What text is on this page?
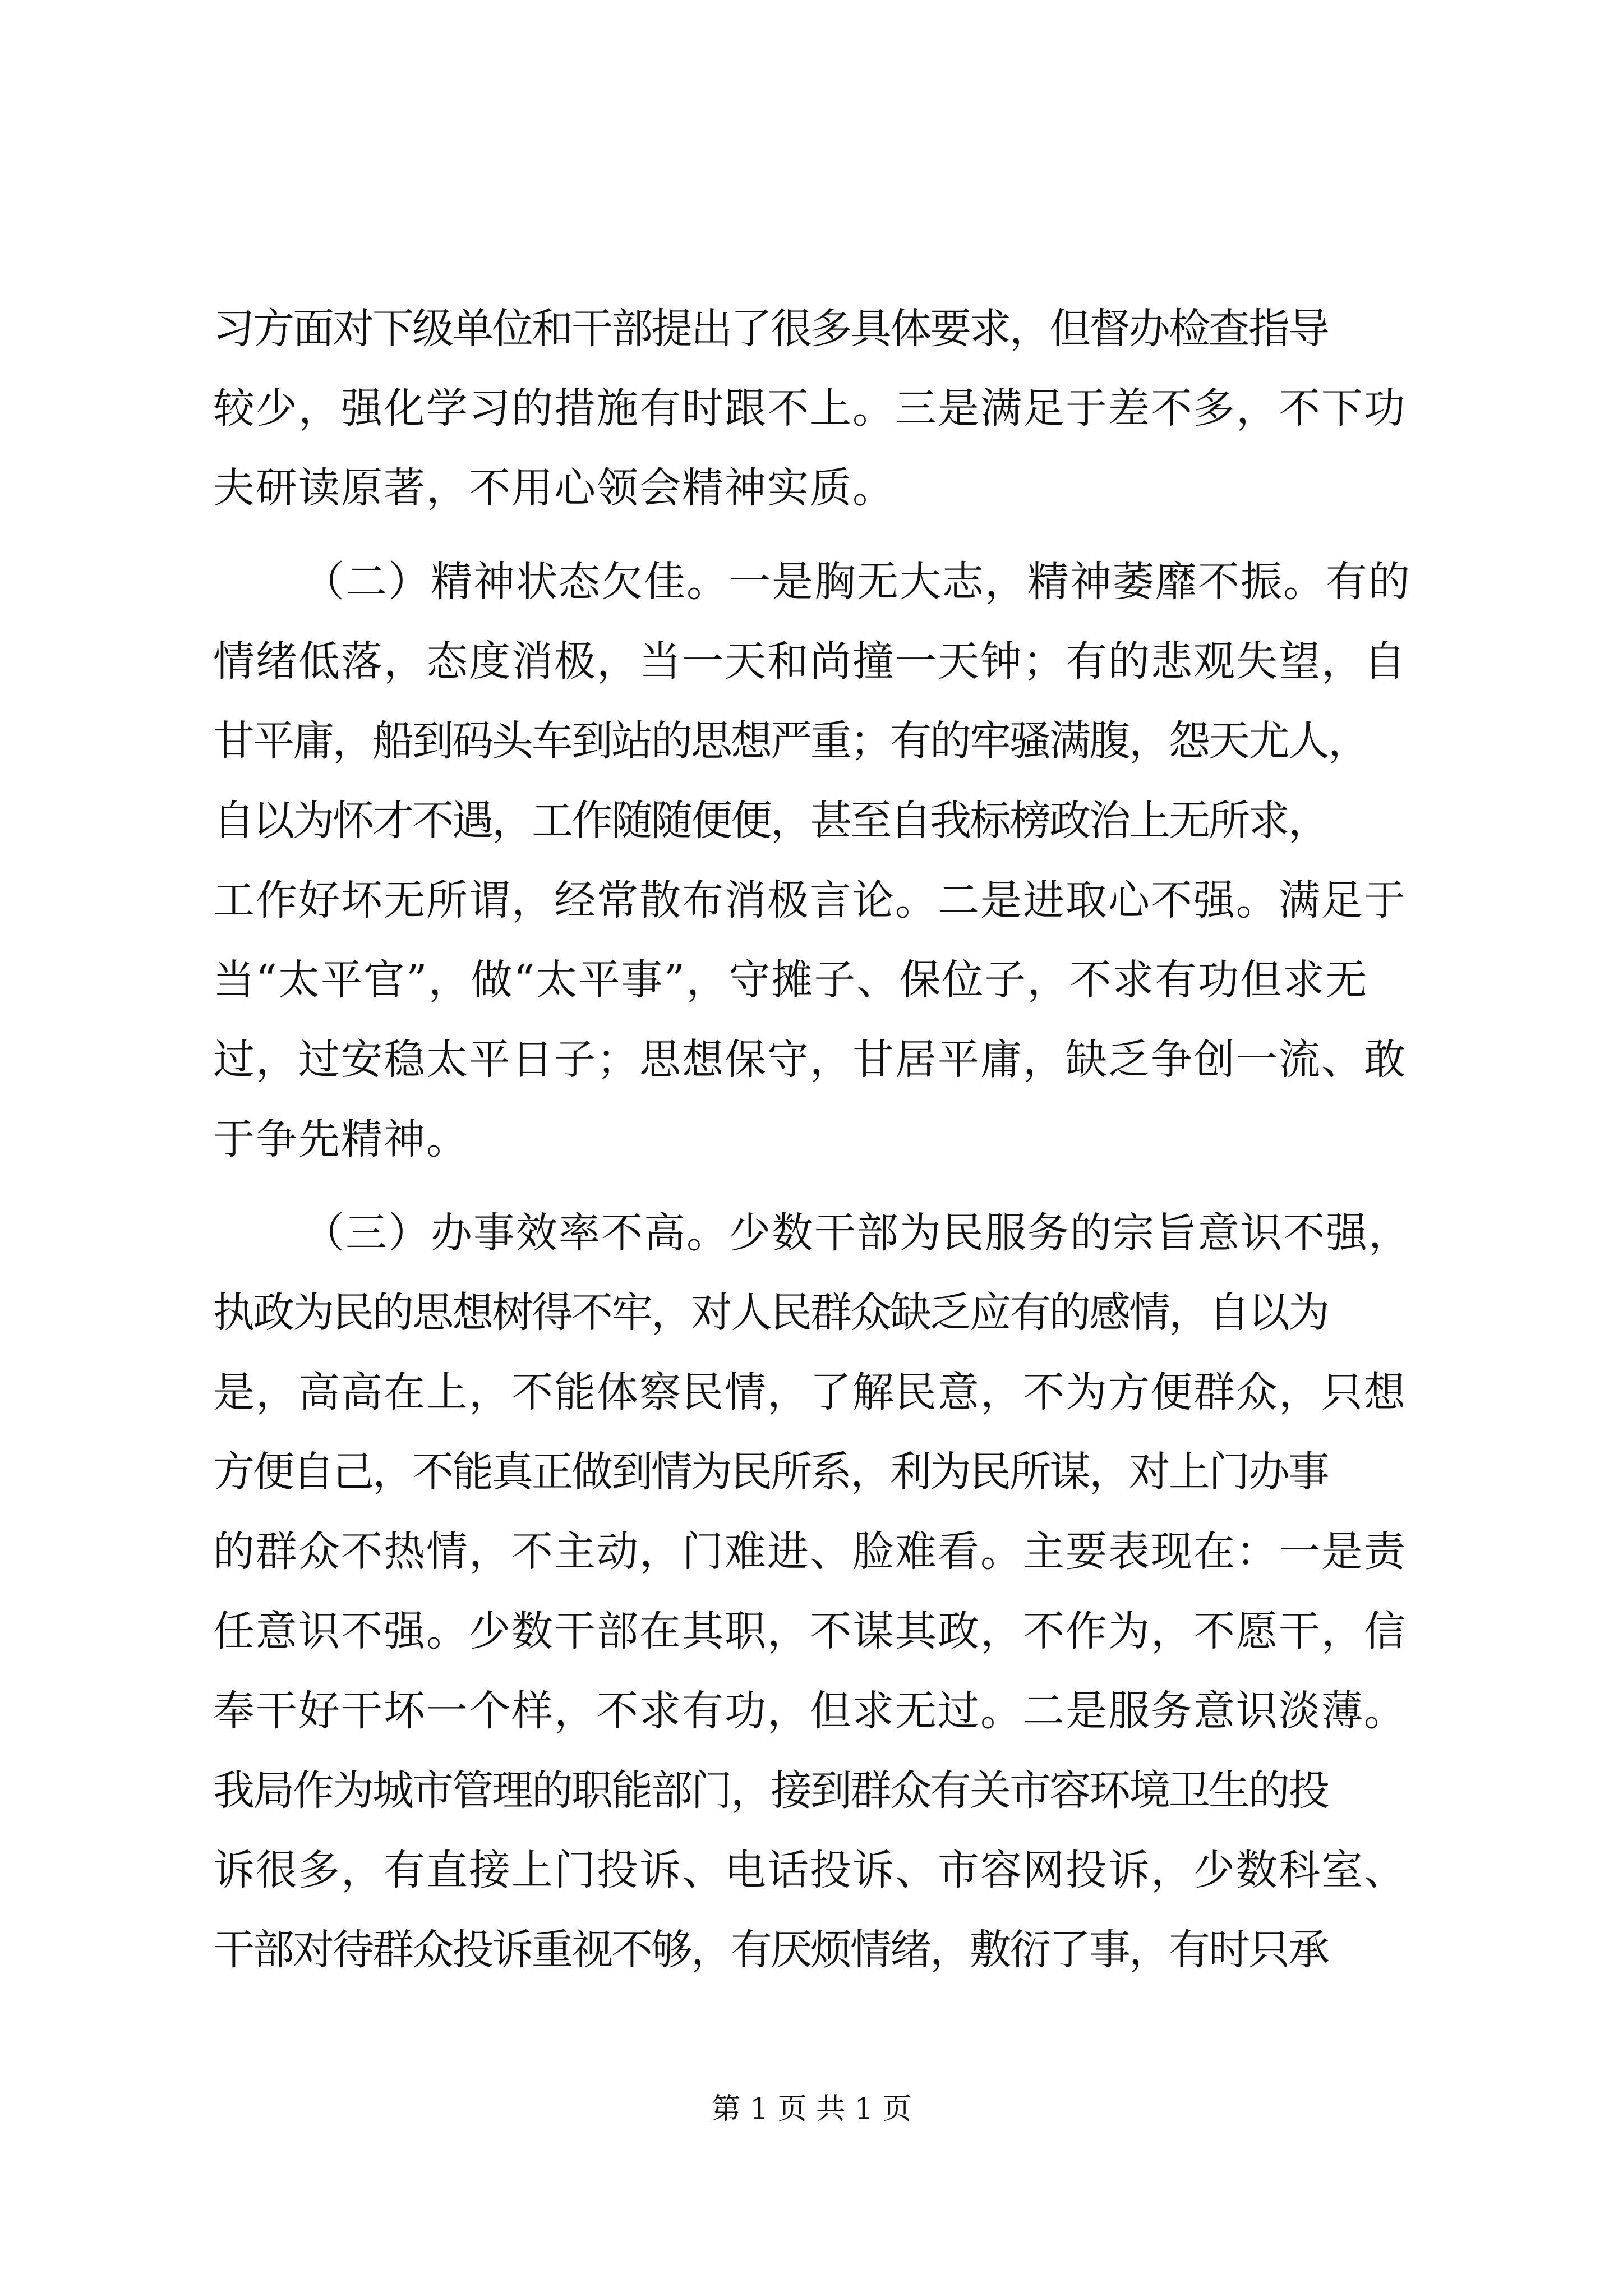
习方面对下级单位和干部提出了很多具体要求，但督办检查指导
较少，强化学习的措施有时跟不上。三是满足于差不多，不下功
夫研读原著，不用心领会精神实质。
（二）精神状态欠佳。一是胸无大志，精神萎靡不振。有的
情绪低落，态度消极，当一天和尚撞一天钟；有的悲观失望，自
甘平庸，船到码头车到站的思想严重；有的牢骚满腹，怨天尤人，
自以为怀才不遇，工作随随便便，甚至自我标榜政治上无所求，
工作好坏无所谓，经常散布消极言论。二是进取心不强。满足于
当“太平官”，做“太平事”，守摊子、保位子，不求有功但求无
过，过安稳太平日子；思想保守，甘居平庸，缺乏争创一流、敢
于争先精神。
（三）办事效率不高。少数干部为民服务的宗旨意识不强，
执政为民的思想树得不牢，对人民群众缺乏应有的感情，自以为
是，高高在上，不能体察民情，了解民意，不为方便群众，只想
方便自己，不能真正做到情为民所系，利为民所谋，对上门办事
的群众不热情，不主动，门难进、脸难看。主要表现在：一是责
任意识不强。少数干部在其职，不谋其政，不作为，不愿干，信
奉干好干坏一个样，不求有功，但求无过。二是服务意识淡薄。
我局作为城市管理的职能部门，接到群众有关市容环境卫生的投
诉很多，有直接上门投诉、电话投诉、市容网投诉，少数科室、
干部对待群众投诉重视不够，有厌烦情绪，敷衍了事，有时只承
第 1 页 共 1 页
